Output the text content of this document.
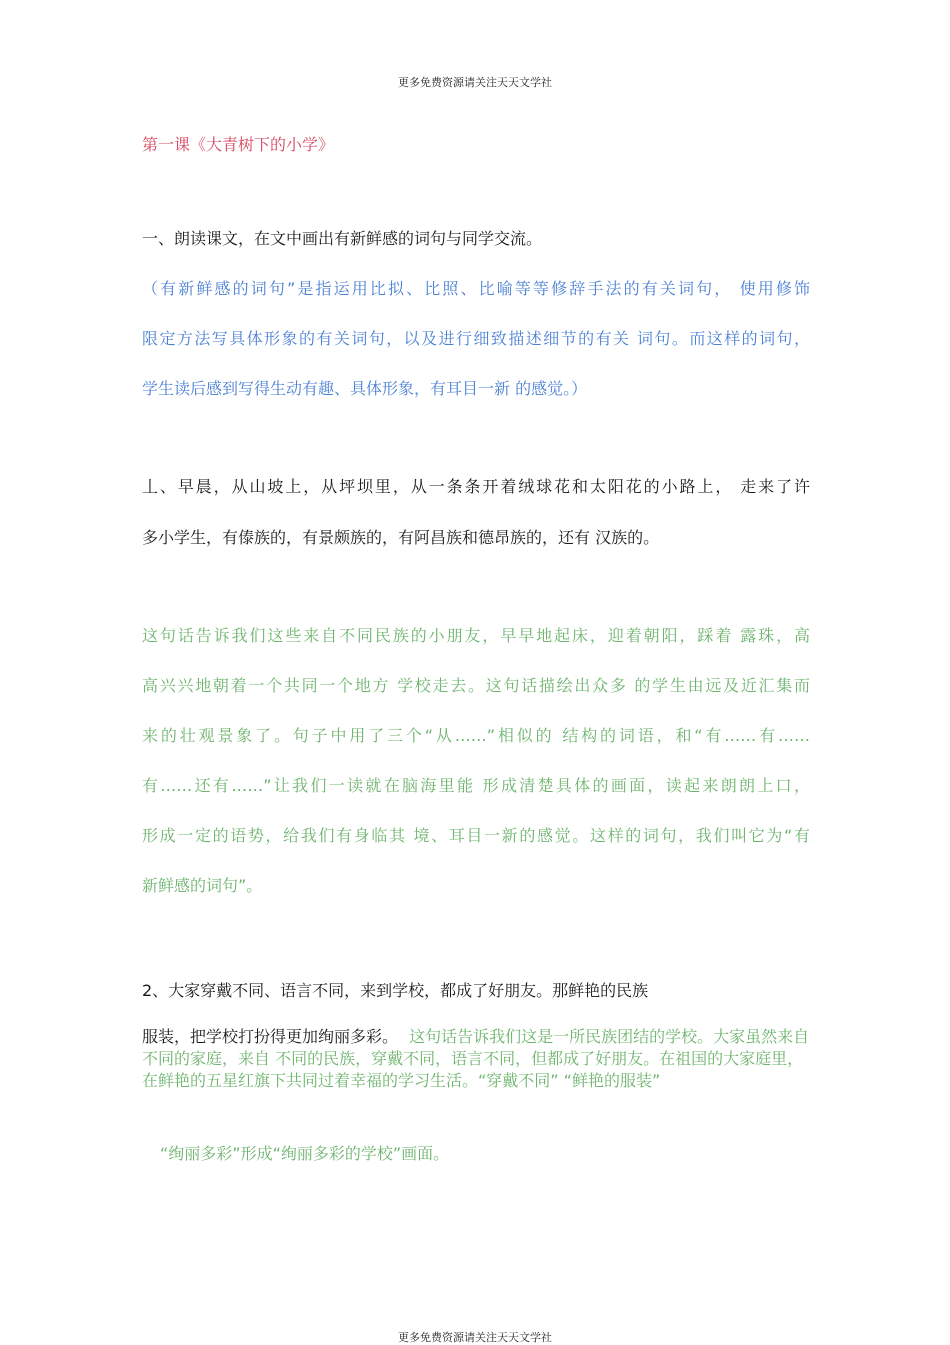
更多免费资源请关注天天文学社
第一课《大青树下的小学》
一、朗读课文，在文中画出有新鲜感的词句与同学交流。
（有新鲜感的词句”是指运用比拟、比照、比喻等等修辞手法的有关词句， 使用修饰
限定方法写具体形象的有关词句，以及进行细致描述细节的有关 词句。而这样的词句，
学生读后感到写得生动有趣、具体形象，有耳目一新 的感觉。）
丄、早晨，从山坡上，从坪坝里，从一条条开着绒球花和太阳花的小路上， 走来了许
多小学生，有傣族的，有景颇族的，有阿昌族和德昂族的，还有 汉族的。
这句话告诉我们这些来自不同民族的小朋友，早早地起床，迎着朝阳，踩着 露珠，高
高兴兴地朝着一个共同一个地方 学校走去。这句话描绘出众多 的学生由远及近汇集而
来的壮观景象了。句子中用了三个“从……”相似的 结构的词语，和“有……有……
有……还有……”让我们一读就在脑海里能 形成清楚具体的画面，读起来朗朗上口，
形成一定的语势，给我们有身临其 境、耳目一新的感觉。这样的词句，我们叫它为“有
新鲜感的词句”。
2、大家穿戴不同、语言不同，来到学校，都成了好朋友。那鲜艳的民族
服装，把学校打扮得更加绚丽多彩。 这句话告诉我们这是一所民族团结的学校。大家虽然来自不同的家庭，来自 不同的民族，穿戴不同，语言不同，但都成了好朋友。在祖国的大家庭里， 在鲜艳的五星红旗下共同过着幸福的学习生活。“穿戴不同” “鲜艳的服装”
“绚丽多彩”形成“绚丽多彩的学校”画面。
更多免费资源请关注天天文学社
